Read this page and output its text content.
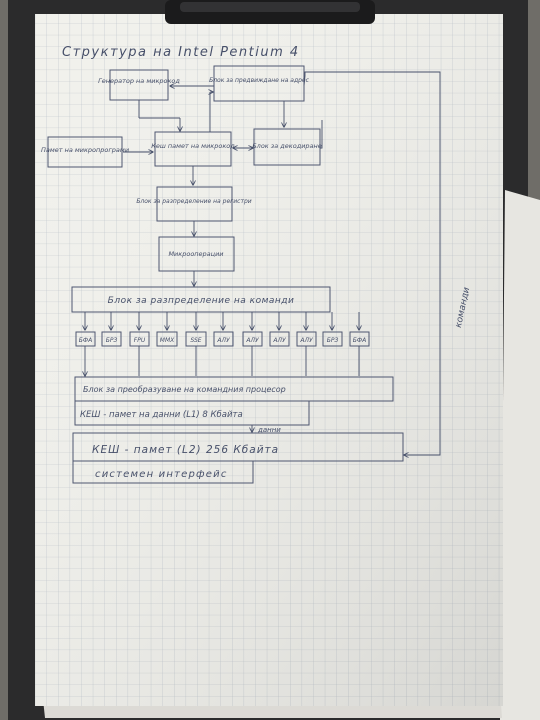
Структура на Intel Pentium 4
Генератор на микрокод	Блок за предвиждане на адрес
Памет на микропрограми	Кеш памет на микрокод	Блок за декодиране
Блок за разпределение на регистри
Микрооперации
Блок за разпределение на команди
БФА БРЗ	FPU MMX	SSE	АЛУ	АЛУ АЛУ АЛУ БРЗ БФА
Блок за преобразуване на командния процесор
КЕШ - памет на данни (L1) 8 Кбайта
данни
КЕШ - памет (L2) 256 Кбайта
системен интерфейс
команди
